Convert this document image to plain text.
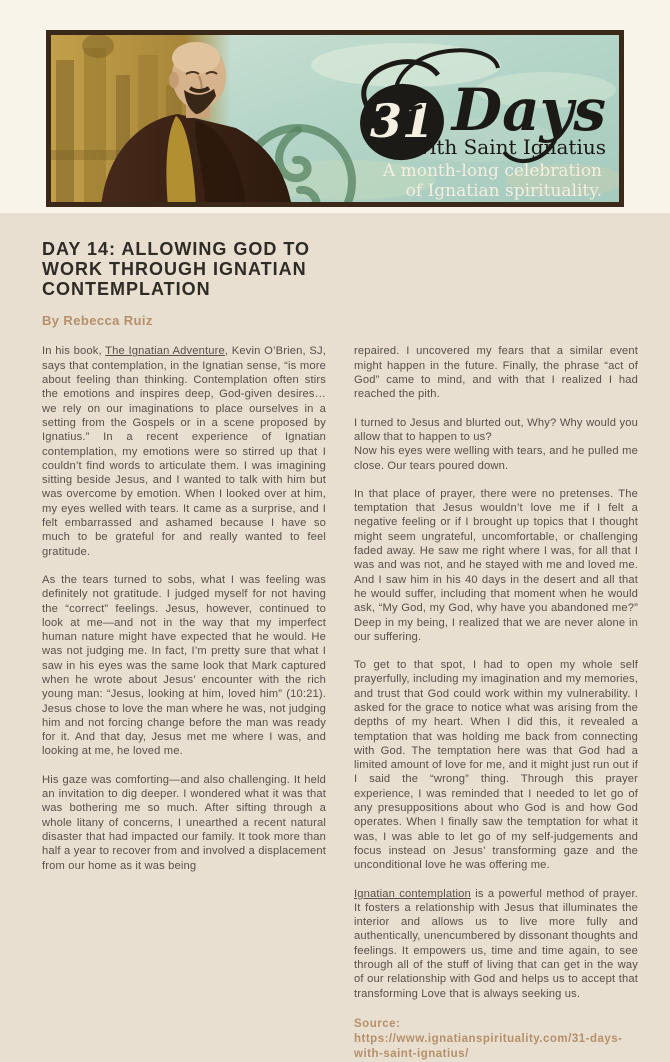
31 Days
with Saint Ignatius
A month-long celebration
of Ignatian spirituality.
DAY 14: ALLOWING GOD TO WORK THROUGH IGNATIAN CONTEMPLATION
By Rebecca Ruiz

In his book, The Ignatian Adventure, Kevin O’Brien, SJ, says that contemplation, in the Ignatian sense, “is more about feeling than thinking. Contemplation often stirs the emotions and inspires deep, God-given desires…we rely on our imaginations to place ourselves in a setting from the Gospels or in a scene proposed by Ignatius.” In a recent experience of Ignatian contemplation, my emotions were so stirred up that I couldn’t find words to articulate them. I was imagining sitting beside Jesus, and I wanted to talk with him but was overcome by emotion. When I looked over at him, my eyes welled with tears. It came as a surprise, and I felt embarrassed and ashamed because I have so much to be grateful for and really wanted to feel gratitude.

As the tears turned to sobs, what I was feeling was definitely not gratitude. I judged myself for not having the “correct” feelings. Jesus, however, continued to look at me—and not in the way that my imperfect human nature might have expected that he would. He was not judging me. In fact, I’m pretty sure that what I saw in his eyes was the same look that Mark captured when he wrote about Jesus’ encounter with the rich young man: “Jesus, looking at him, loved him” (10:21). Jesus chose to love the man where he was, not judging him and not forcing change before the man was ready for it. And that day, Jesus met me where I was, and looking at me, he loved me.

His gaze was comforting—and also challenging. It held an invitation to dig deeper. I wondered what it was that was bothering me so much. After sifting through a whole litany of concerns, I unearthed a recent natural disaster that had impacted our family. It took more than half a year to recover from and involved a displacement from our home as it was being

repaired. I uncovered my fears that a similar event might happen in the future. Finally, the phrase “act of God” came to mind, and with that I realized I had reached the pith.

I turned to Jesus and blurted out, Why? Why would you allow that to happen to us?
Now his eyes were welling with tears, and he pulled me close. Our tears poured down.

In that place of prayer, there were no pretenses. The temptation that Jesus wouldn’t love me if I felt a negative feeling or if I brought up topics that I thought might seem ungrateful, uncomfortable, or challenging faded away. He saw me right where I was, for all that I was and was not, and he stayed with me and loved me. And I saw him in his 40 days in the desert and all that he would suffer, including that moment when he would ask, “My God, my God, why have you abandoned me?” Deep in my being, I realized that we are never alone in our suffering.

To get to that spot, I had to open my whole self prayerfully, including my imagination and my memories, and trust that God could work within my vulnerability. I asked for the grace to notice what was arising from the depths of my heart. When I did this, it revealed a temptation that was holding me back from connecting with God. The temptation here was that God had a limited amount of love for me, and it might just run out if I said the “wrong” thing. Through this prayer experience, I was reminded that I needed to let go of any presuppositions about who God is and how God operates. When I finally saw the temptation for what it was, I was able to let go of my self-judgements and focus instead on Jesus’ transforming gaze and the unconditional love he was offering me.

Ignatian contemplation is a powerful method of prayer. It fosters a relationship with Jesus that illuminates the interior and allows us to live more fully and authentically, unencumbered by dissonant thoughts and feelings. It empowers us, time and time again, to see through all of the stuff of living that can get in the way of our relationship with God and helps us to accept that transforming Love that is always seeking us.

Source:
https://www.ignatianspirituality.com/31-days-with-saint-ignatius/
